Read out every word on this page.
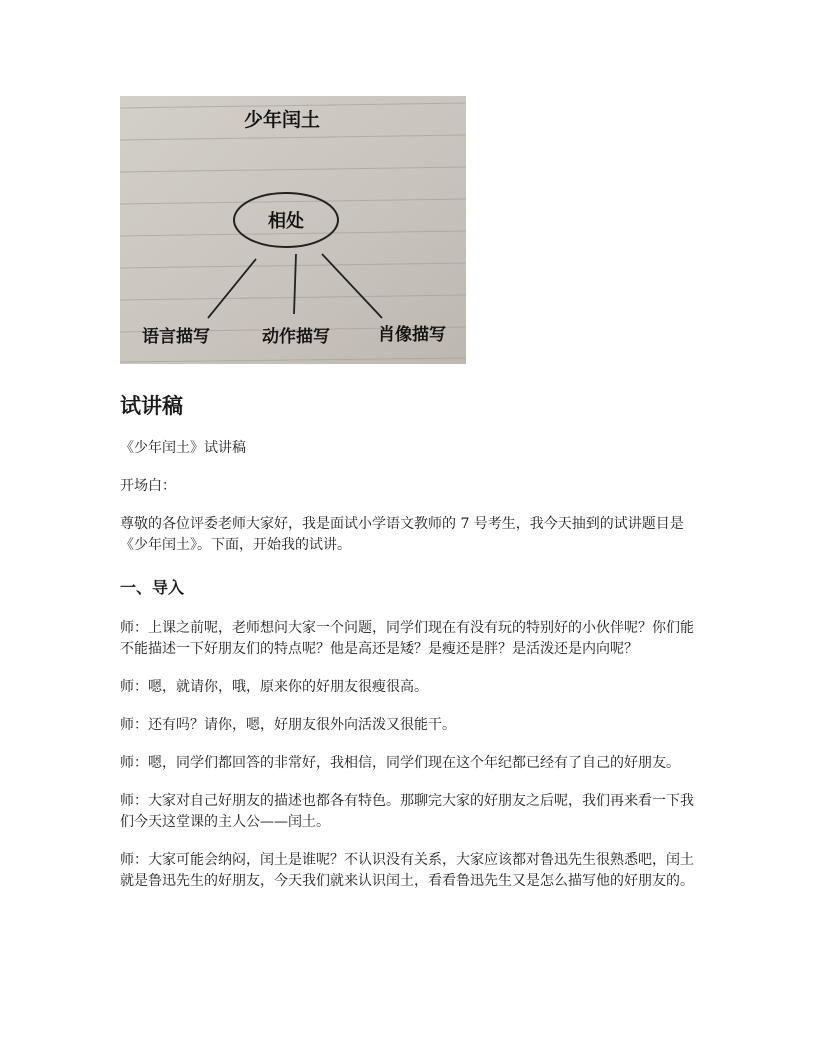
少年闰土
相处
语言描写	动作描写	肖像描写
试讲稿

《少年闰土》试讲稿

开场白：

尊敬的各位评委老师大家好，我是面试小学语文教师的 7 号考生，我今天抽到的试讲题目是《少年闰土》。下面，开始我的试讲。

一、导入

师：上课之前呢，老师想问大家一个问题，同学们现在有没有玩的特别好的小伙伴呢？你们能不能描述一下好朋友们的特点呢？他是高还是矮？是瘦还是胖？是活泼还是内向呢？

师：嗯，就请你，哦，原来你的好朋友很瘦很高。

师：还有吗？请你，嗯，好朋友很外向活泼又很能干。

师：嗯，同学们都回答的非常好，我相信，同学们现在这个年纪都已经有了自己的好朋友。

师：大家对自己好朋友的描述也都各有特色。那聊完大家的好朋友之后呢，我们再来看一下我们今天这堂课的主人公——闰土。

师：大家可能会纳闷，闰土是谁呢？不认识没有关系，大家应该都对鲁迅先生很熟悉吧，闰土就是鲁迅先生的好朋友，今天我们就来认识闰土，看看鲁迅先生又是怎么描写他的好朋友的。
